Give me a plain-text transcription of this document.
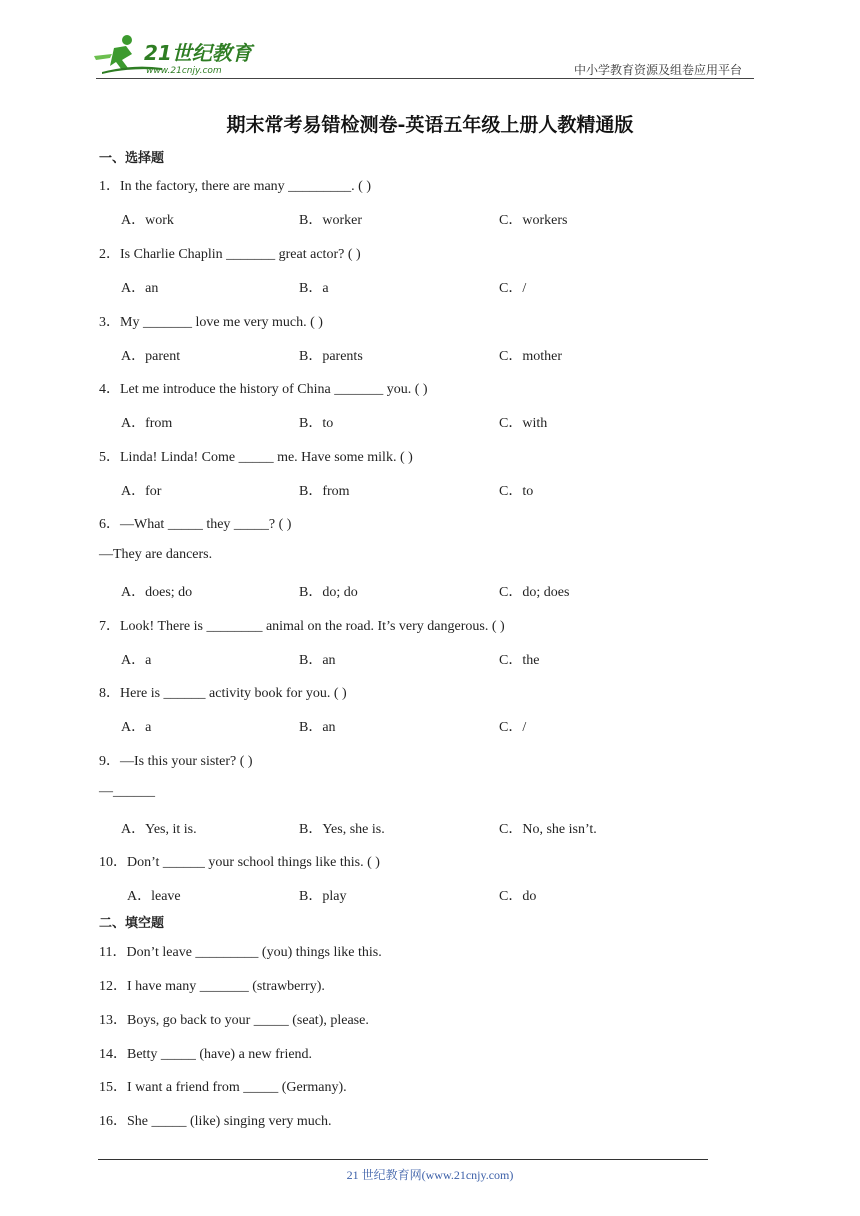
21世纪教育
www.21cnjy.com	中小学教育资源及组卷应用平台
期末常考易错检测卷-英语五年级上册人教精通版
一、选择题
1．In the factory, there are many _________. ( )
A．work	B．worker	C．workers
2．Is Charlie Chaplin _______ great actor? ( )
A．an	B．a	C．/
3．My _______ love me very much. ( )
A．parent	B．parents	C．mother
4．Let me introduce the history of China _______ you. ( )
A．from	B．to	C．with
5．Linda! Linda! Come _____ me. Have some milk. ( )
A．for	B．from	C．to
6．—What _____ they _____? ( )
—They are dancers.
A．does; do	B．do; do	C．do; does
7．Look! There is ________ animal on the road. It’s very dangerous. ( )
A．a	B．an	C．the
8．Here is ______ activity book for you. ( )
A．a	B．an	C．/
9．—Is this your sister? ( )
—______
A．Yes, it is.	B．Yes, she is.	C．No, she isn’t.
10．Don’t ______ your school things like this. ( )
A．leave	B．play	C．do
二、填空题
11．Don’t leave _________ (you) things like this.
12．I have many _______ (strawberry).
13．Boys, go back to your _____ (seat), please.
14．Betty _____ (have) a new friend.
15．I want a friend from _____ (Germany).
16．She _____ (like) singing very much.
21 世纪教育网(www.21cnjy.com)
